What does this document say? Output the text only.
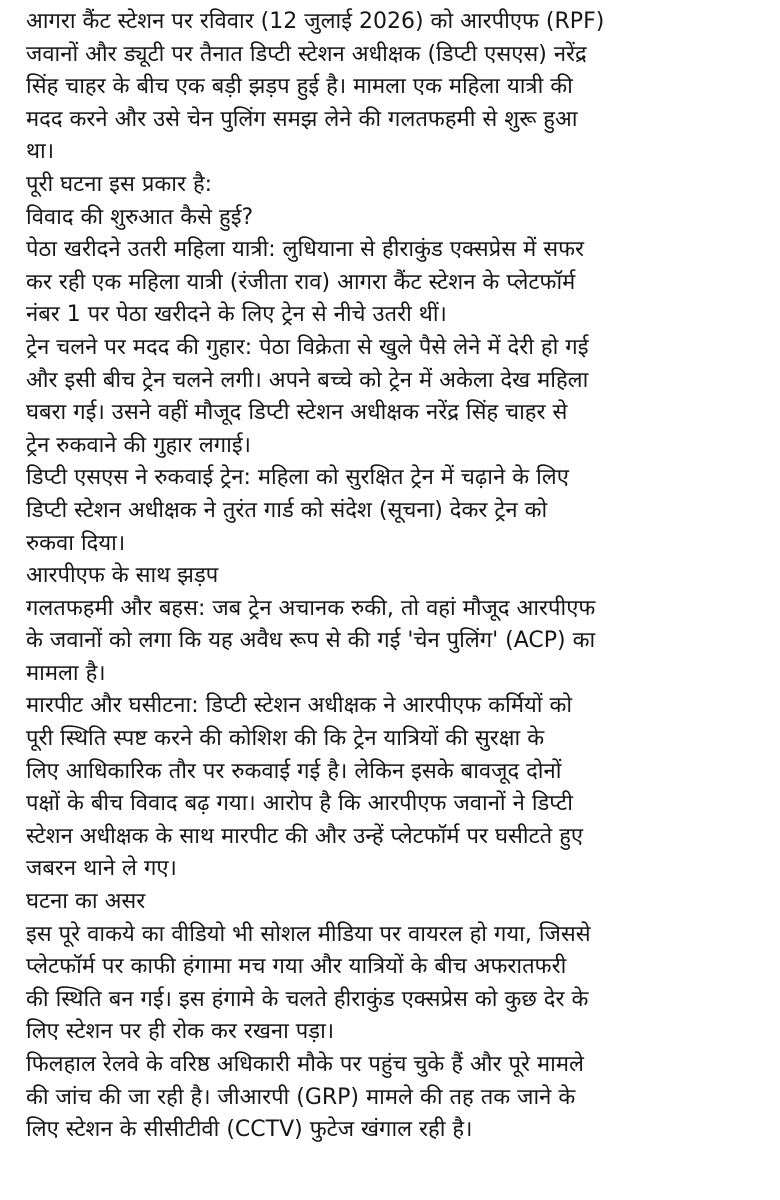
आगरा कैंट स्टेशन पर रविवार (12 जुलाई 2026) को आरपीएफ (RPF)
जवानों और ड्यूटी पर तैनात डिप्टी स्टेशन अधीक्षक (डिप्टी एसएस) नरेंद्र
सिंह चाहर के बीच एक बड़ी झड़प हुई है। मामला एक महिला यात्री की
मदद करने और उसे चेन पुलिंग समझ लेने की गलतफहमी से शुरू हुआ
था।
पूरी घटना इस प्रकार है:
विवाद की शुरुआत कैसे हुई?
पेठा खरीदने उतरी महिला यात्री: लुधियाना से हीराकुंड एक्सप्रेस में सफर
कर रही एक महिला यात्री (रंजीता राव) आगरा कैंट स्टेशन के प्लेटफॉर्म
नंबर 1 पर पेठा खरीदने के लिए ट्रेन से नीचे उतरी थीं।
ट्रेन चलने पर मदद की गुहार: पेठा विक्रेता से खुले पैसे लेने में देरी हो गई
और इसी बीच ट्रेन चलने लगी। अपने बच्चे को ट्रेन में अकेला देख महिला
घबरा गई। उसने वहीं मौजूद डिप्टी स्टेशन अधीक्षक नरेंद्र सिंह चाहर से
ट्रेन रुकवाने की गुहार लगाई।
डिप्टी एसएस ने रुकवाई ट्रेन: महिला को सुरक्षित ट्रेन में चढ़ाने के लिए
डिप्टी स्टेशन अधीक्षक ने तुरंत गार्ड को संदेश (सूचना) देकर ट्रेन को
रुकवा दिया।
आरपीएफ के साथ झड़प
गलतफहमी और बहस: जब ट्रेन अचानक रुकी, तो वहां मौजूद आरपीएफ
के जवानों को लगा कि यह अवैध रूप से की गई 'चेन पुलिंग' (ACP) का
मामला है।
मारपीट और घसीटना: डिप्टी स्टेशन अधीक्षक ने आरपीएफ कर्मियों को
पूरी स्थिति स्पष्ट करने की कोशिश की कि ट्रेन यात्रियों की सुरक्षा के
लिए आधिकारिक तौर पर रुकवाई गई है। लेकिन इसके बावजूद दोनों
पक्षों के बीच विवाद बढ़ गया। आरोप है कि आरपीएफ जवानों ने डिप्टी
स्टेशन अधीक्षक के साथ मारपीट की और उन्हें प्लेटफॉर्म पर घसीटते हुए
जबरन थाने ले गए।
घटना का असर
इस पूरे वाकये का वीडियो भी सोशल मीडिया पर वायरल हो गया, जिससे
प्लेटफॉर्म पर काफी हंगामा मच गया और यात्रियों के बीच अफरातफरी
की स्थिति बन गई। इस हंगामे के चलते हीराकुंड एक्सप्रेस को कुछ देर के
लिए स्टेशन पर ही रोक कर रखना पड़ा।
फिलहाल रेलवे के वरिष्ठ अधिकारी मौके पर पहुंच चुके हैं और पूरे मामले
की जांच की जा रही है। जीआरपी (GRP) मामले की तह तक जाने के
लिए स्टेशन के सीसीटीवी (CCTV) फुटेज खंगाल रही है।
